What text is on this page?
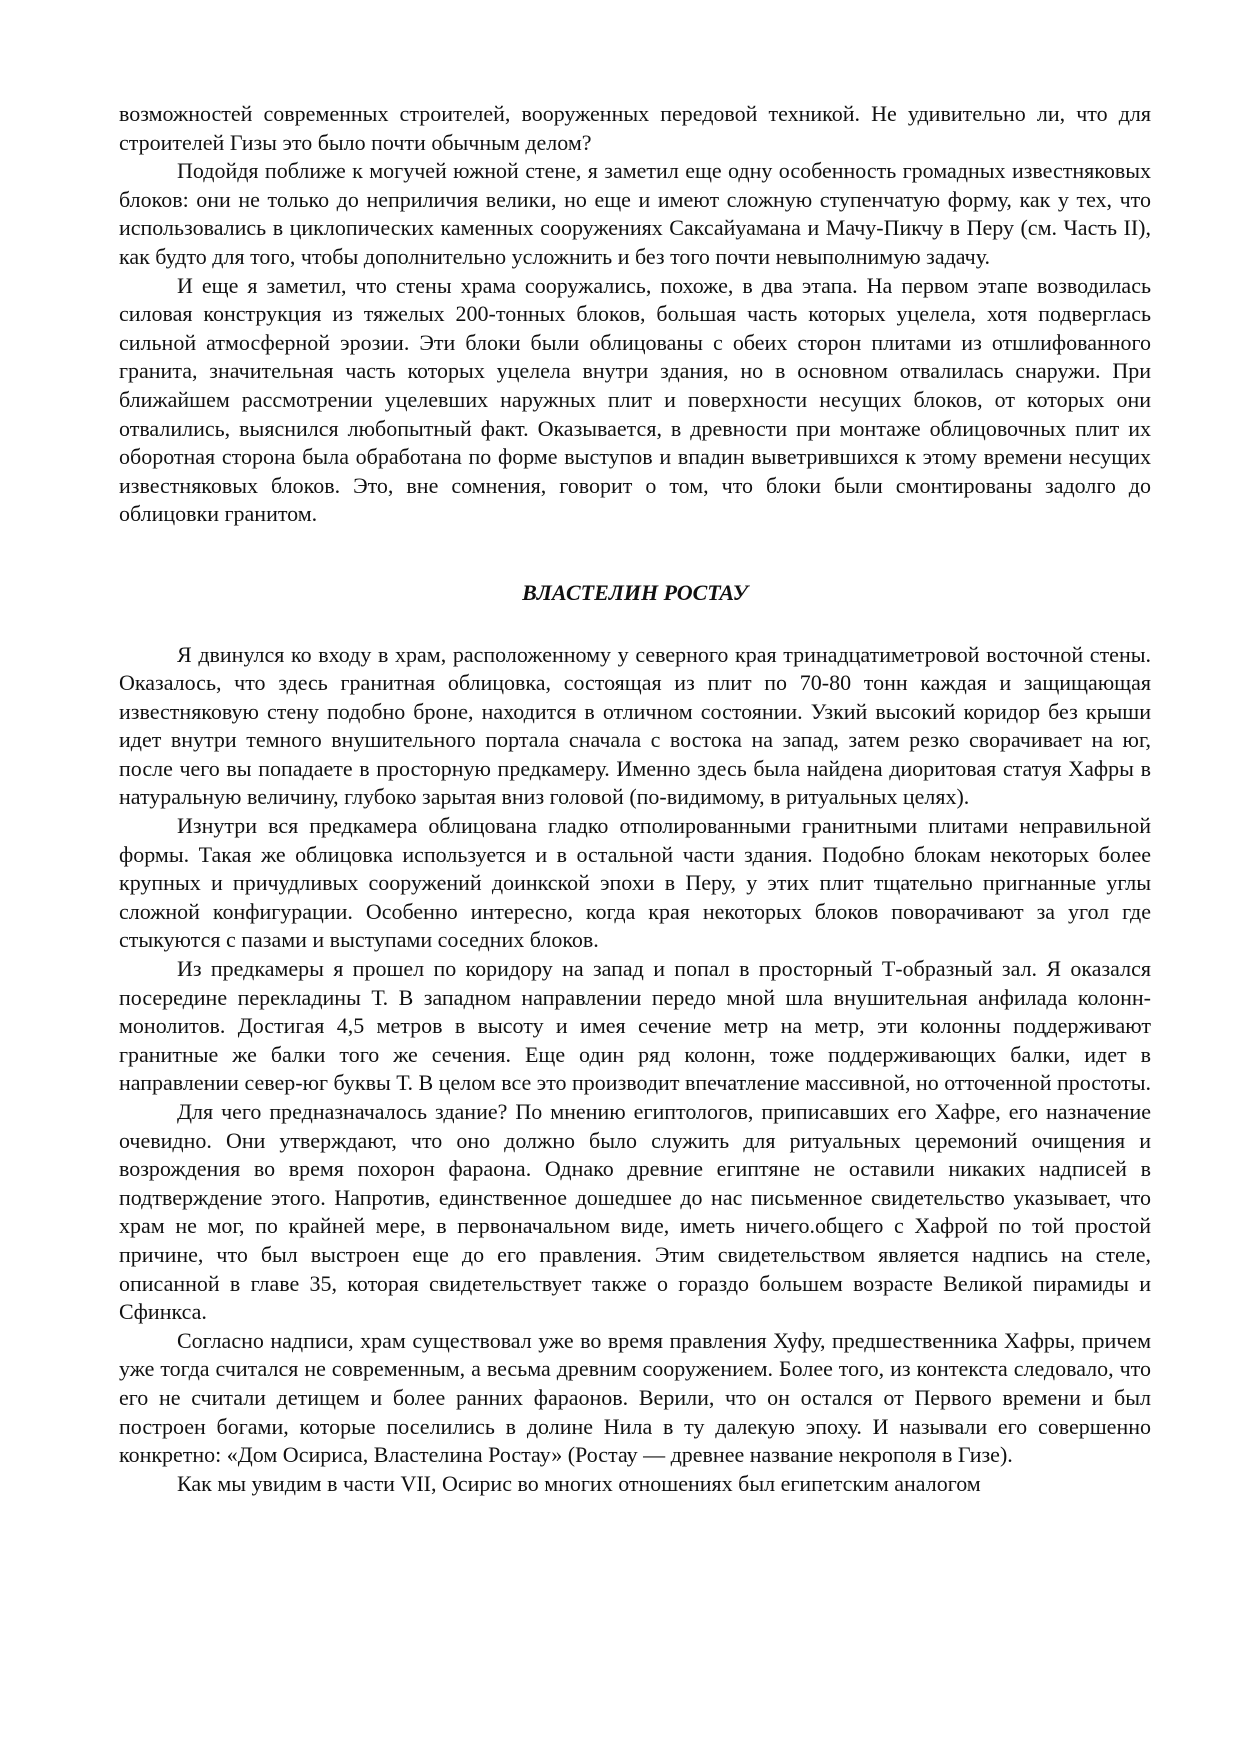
возможностей современных строителей, вооруженных передовой техникой. Не удивительно ли, что для строителей Гизы это было почти обычным делом?

Подойдя поближе к могучей южной стене, я заметил еще одну особенность громадных известняковых блоков: они не только до неприличия велики, но еще и имеют сложную ступенчатую форму, как у тех, что использовались в циклопических каменных сооружениях Саксайуамана и Мачу-Пикчу в Перу (см. Часть II), как будто для того, чтобы дополнительно усложнить и без того почти невыполнимую задачу.

И еще я заметил, что стены храма сооружались, похоже, в два этапа. На первом этапе возводилась силовая конструкция из тяжелых 200-тонных блоков, большая часть которых уцелела, хотя подверглась сильной атмосферной эрозии. Эти блоки были облицованы с обеих сторон плитами из отшлифованного гранита, значительная часть которых уцелела внутри здания, но в основном отвалилась снаружи. При ближайшем рассмотрении уцелевших наружных плит и поверхности несущих блоков, от которых они отвалились, выяснился любопытный факт. Оказывается, в древности при монтаже облицовочных плит их оборотная сторона была обработана по форме выступов и впадин выветрившихся к этому времени несущих известняковых блоков. Это, вне сомнения, говорит о том, что блоки были смонтированы задолго до облицовки гранитом.

ВЛАСТЕЛИН РОСТАУ

Я двинулся ко входу в храм, расположенному у северного края тринадцатиметровой восточной стены. Оказалось, что здесь гранитная облицовка, состоящая из плит по 70-80 тонн каждая и защищающая известняковую стену подобно броне, находится в отличном состоянии. Узкий высокий коридор без крыши идет внутри темного внушительного портала сначала с востока на запад, затем резко сворачивает на юг, после чего вы попадаете в просторную предкамеру. Именно здесь была найдена диоритовая статуя Хафры в натуральную величину, глубоко зарытая вниз головой (по-видимому, в ритуальных целях).

Изнутри вся предкамера облицована гладко отполированными гранитными плитами неправильной формы. Такая же облицовка используется и в остальной части здания. Подобно блокам некоторых более крупных и причудливых сооружений доинкской эпохи в Перу, у этих плит тщательно пригнанные углы сложной конфигурации. Особенно интересно, когда края некоторых блоков поворачивают за угол где стыкуются с пазами и выступами соседних блоков.

Из предкамеры я прошел по коридору на запад и попал в просторный Т-образный зал. Я оказался посередине перекладины Т. В западном направлении передо мной шла внушительная анфилада колонн-монолитов. Достигая 4,5 метров в высоту и имея сечение метр на метр, эти колонны поддерживают гранитные же балки того же сечения. Еще один ряд колонн, тоже поддерживающих балки, идет в направлении север-юг буквы Т. В целом все это производит впечатление массивной, но отточенной простоты.

Для чего предназначалось здание? По мнению египтологов, приписавших его Хафре, его назначение очевидно. Они утверждают, что оно должно было служить для ритуальных церемоний очищения и возрождения во время похорон фараона. Однако древние египтяне не оставили никаких надписей в подтверждение этого. Напротив, единственное дошедшее до нас письменное свидетельство указывает, что храм не мог, по крайней мере, в первоначальном виде, иметь ничего.общего с Хафрой по той простой причине, что был выстроен еще до его правления. Этим свидетельством является надпись на стеле, описанной в главе 35, которая свидетельствует также о гораздо большем возрасте Великой пирамиды и Сфинкса.

Согласно надписи, храм существовал уже во время правления Хуфу, предшественника Хафры, причем уже тогда считался не современным, а весьма древним сооружением. Более того, из контекста следовало, что его не считали детищем и более ранних фараонов. Верили, что он остался от Первого времени и был построен богами, которые поселились в долине Нила в ту далекую эпоху. И называли его совершенно конкретно: «Дом Осириса, Властелина Ростау» (Ростау — древнее название некрополя в Гизе).

Как мы увидим в части VII, Осирис во многих отношениях был египетским аналогом
